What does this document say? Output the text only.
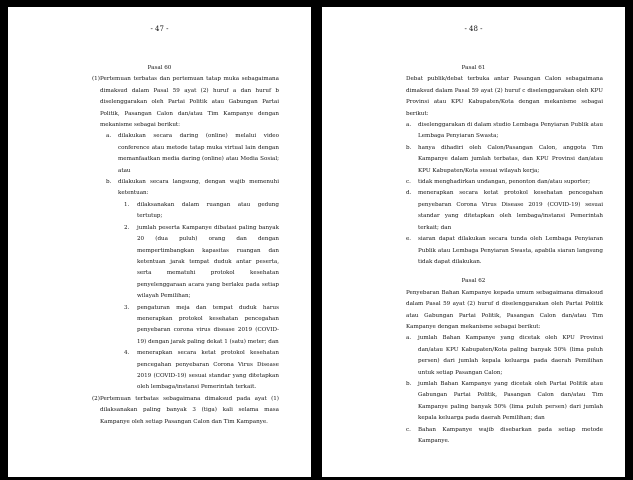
- 47 -
Pasal 60
(1) Pertemuan terbatas dan pertemuan tatap muka sebagaimana dimaksud dalam Pasal 59 ayat (2) huruf a dan huruf b diselenggarakan oleh Partai Politik atau Gabungan Partai Politik, Pasangan Calon dan/atau Tim Kampanye dengan mekanisme sebagai berikut:
a. dilakukan secara daring (online) melalui video conference atau metode tatap muka virtual lain dengan memanfaatkan media daring (online) atau Media Sosial; atau
b. dilakukan secara langsung, dengan wajib memenuhi ketentuan:
1. dilaksanakan dalam ruangan atau gedung tertutup;
2. jumlah peserta Kampanye dibatasi paling banyak 20 (dua puluh) orang dan dengan mempertimbangkan kapasitas ruangan dan ketentuan jarak tempat duduk antar peserta, serta mematuhi protokol kesehatan penyelenggaraan acara yang berlaku pada setiap wilayah Pemilihan;
3. pengaturan meja dan tempat duduk harus menerapkan protokol kesehatan pencegahan penyebaran corona virus disease 2019 (COVID-19) dengan jarak paling dekat 1 (satu) meter; dan
4. menerapkan secara ketat protokol kesehatan pencegahan penyebaran Corona Virus Disease 2019 (COVID-19) sesuai standar yang ditetapkan oleh lembaga/instansi Pemerintah terkait.
(2) Pertemuan terbatas sebagaimana dimaksud pada ayat (1) dilaksanakan paling banyak 3 (tiga) kali selama masa Kampanye oleh setiap Pasangan Calon dan Tim Kampanye.
- 48 -
Pasal 61
Debat publik/debat terbuka antar Pasangan Calon sebagaimana dimaksud dalam Pasal 59 ayat (2) huruf c diselenggarakan oleh KPU Provinsi atau KPU Kabupaten/Kota dengan mekanisme sebagai berikut:
a. diselenggarakan di dalam studio Lembaga Penyiaran Publik atau Lembaga Penyiaran Swasta;
b. hanya dihadiri oleh Calon/Pasangan Calon, anggota Tim Kampanye dalam jumlah terbatas, dan KPU Provinsi dan/atau KPU Kabupaten/Kota sesuai wilayah kerja;
c. tidak menghadirkan undangan, penonton dan/atau suporter;
d. menerapkan secara ketat protokol kesehatan pencegahan penyebaran Corona Virus Disease 2019 (COVID-19) sesuai standar yang ditetapkan oleh lembaga/instansi Pemerintah terkait; dan
e. siaran dapat dilakukan secara tunda oleh Lembaga Penyiaran Publik atau Lembaga Penyiaran Swasta, apabila siaran langsung tidak dapat dilakukan.
Pasal 62
Penyebaran Bahan Kampanye kepada umum sebagaimana dimaksud dalam Pasal 59 ayat (2) huruf d diselenggarakan oleh Partai Politik atau Gabungan Partai Politik, Pasangan Calon dan/atau Tim Kampanye dengan mekanisme sebagai berikut:
a. jumlah Bahan Kampanye yang dicetak oleh KPU Provinsi dan/atau KPU Kabupaten/Kota paling banyak 50% (lima puluh persen) dari jumlah kepala keluarga pada daerah Pemilihan untuk setiap Pasangan Calon;
b. jumlah Bahan Kampanye yang dicetak oleh Partai Politik atau Gabungan Partai Politik, Pasangan Calon dan/atau Tim Kampanye paling banyak 50% (lima puluh persen) dari jumlah kepala keluarga pada daerah Pemilihan; dan
c. Bahan Kampanye wajib disebarkan pada setiap metode Kampanye.
